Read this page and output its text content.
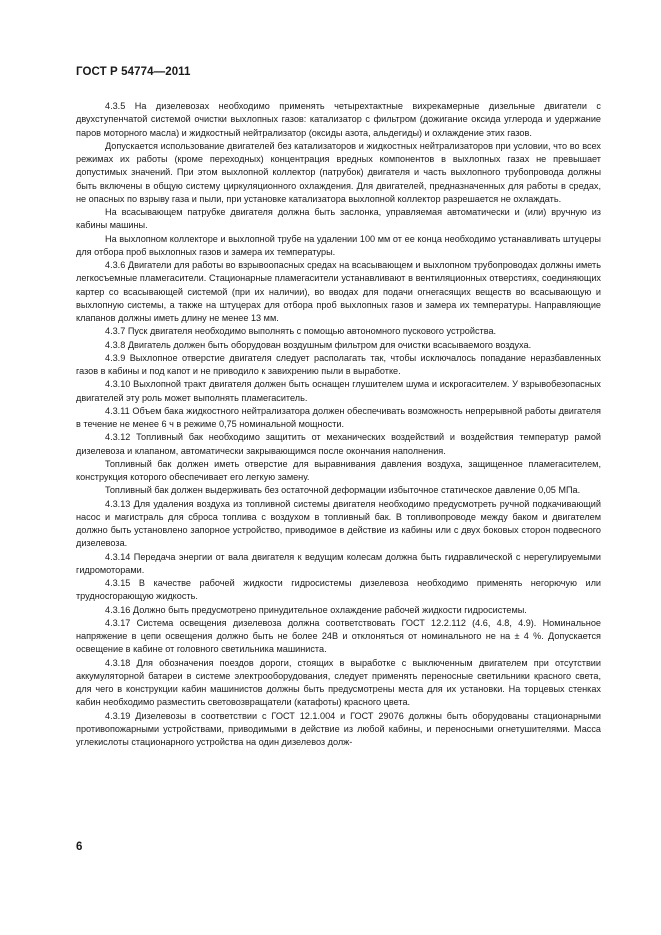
ГОСТ Р 54774—2011

4.3.5 На дизелевозах необходимо применять четырехтактные вихрекамерные дизельные двигатели с двухступенчатой системой очистки выхлопных газов: катализатор с фильтром (дожигание оксида углерода и удержание паров моторного масла) и жидкостный нейтрализатор (оксиды азота, альдегиды) и охлаждение этих газов.

Допускается использование двигателей без катализаторов и жидкостных нейтрализаторов при условии, что во всех режимах их работы (кроме переходных) концентрация вредных компонентов в выхлопных газах не превышает допустимых значений. При этом выхлопной коллектор (патрубок) двигателя и часть выхлопного трубопровода должны быть включены в общую систему циркуляционного охлаждения. Для двигателей, предназначенных для работы в средах, не опасных по взрыву газа и пыли, при установке катализатора выхлопной коллектор разрешается не охлаждать.

На всасывающем патрубке двигателя должна быть заслонка, управляемая автоматически и (или) вручную из кабины машины.

На выхлопном коллекторе и выхлопной трубе на удалении 100 мм от ее конца необходимо устанавливать штуцеры для отбора проб выхлопных газов и замера их температуры.

4.3.6 Двигатели для работы во взрывоопасных средах на всасывающем и выхлопном трубопроводах должны иметь легкосъемные пламегасители. Стационарные пламегасители устанавливают в вентиляционных отверстиях, соединяющих картер со всасывающей системой (при их наличии), во вводах для подачи огнегасящих веществ во всасывающую и выхлопную системы, а также на штуцерах для отбора проб выхлопных газов и замера их температуры. Направляющие клапанов должны иметь длину не менее 13 мм.

4.3.7 Пуск двигателя необходимо выполнять с помощью автономного пускового устройства.

4.3.8 Двигатель должен быть оборудован воздушным фильтром для очистки всасываемого воздуха.

4.3.9 Выхлопное отверстие двигателя следует располагать так, чтобы исключалось попадание неразбавленных газов в кабины и под капот и не приводило к завихрению пыли в выработке.

4.3.10 Выхлопной тракт двигателя должен быть оснащен глушителем шума и искрогасителем. У взрывобезопасных двигателей эту роль может выполнять пламегаситель.

4.3.11 Объем бака жидкостного нейтрализатора должен обеспечивать возможность непрерывной работы двигателя в течение не менее 6 ч в режиме 0,75 номинальной мощности.

4.3.12 Топливный бак необходимо защитить от механических воздействий и воздействия температур рамой дизелевоза и клапаном, автоматически закрывающимся после окончания наполнения.

Топливный бак должен иметь отверстие для выравнивания давления воздуха, защищенное пламегасителем, конструкция которого обеспечивает его легкую замену.

Топливный бак должен выдерживать без остаточной деформации избыточное статическое давление 0,05 МПа.

4.3.13 Для удаления воздуха из топливной системы двигателя необходимо предусмотреть ручной подкачивающий насос и магистраль для сброса топлива с воздухом в топливный бак. В топливопроводе между баком и двигателем должно быть установлено запорное устройство, приводимое в действие из кабины или с двух боковых сторон подвесного дизелевоза.

4.3.14 Передача энергии от вала двигателя к ведущим колесам должна быть гидравлической с нерегулируемыми гидромоторами.

4.3.15 В качестве рабочей жидкости гидросистемы дизелевоза необходимо применять негорючую или трудносгорающую жидкость.

4.3.16 Должно быть предусмотрено принудительное охлаждение рабочей жидкости гидросистемы.

4.3.17 Система освещения дизелевоза должна соответствовать ГОСТ 12.2.112 (4.6, 4.8, 4.9). Номинальное напряжение в цепи освещения должно быть не более 24В и отклоняться от номинального не на ± 4 %. Допускается освещение в кабине от головного светильника машиниста.

4.3.18 Для обозначения поездов дороги, стоящих в выработке с выключенным двигателем при отсутствии аккумуляторной батареи в системе электрооборудования, следует применять переносные светильники красного света, для чего в конструкции кабин машинистов должны быть предусмотрены места для их установки. На торцевых стенках кабин необходимо разместить световозвращатели (катафоты) красного цвета.

4.3.19 Дизелевозы в соответствии с ГОСТ 12.1.004 и ГОСТ 29076 должны быть оборудованы стационарными противопожарными устройствами, приводимыми в действие из любой кабины, и переносными огнетушителями. Масса углекислоты стационарного устройства на один дизелевоз долж-

6
